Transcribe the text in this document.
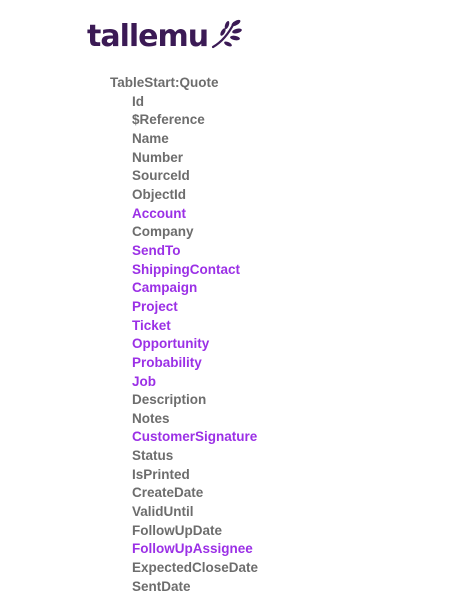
tallemu
TableStart:Quote
Id
$Reference
Name
Number
SourceId
ObjectId
Account
Company
SendTo
ShippingContact
Campaign
Project
Ticket
Opportunity
Probability
Job
Description
Notes
CustomerSignature
Status
IsPrinted
CreateDate
ValidUntil
FollowUpDate
FollowUpAssignee
ExpectedCloseDate
SentDate
